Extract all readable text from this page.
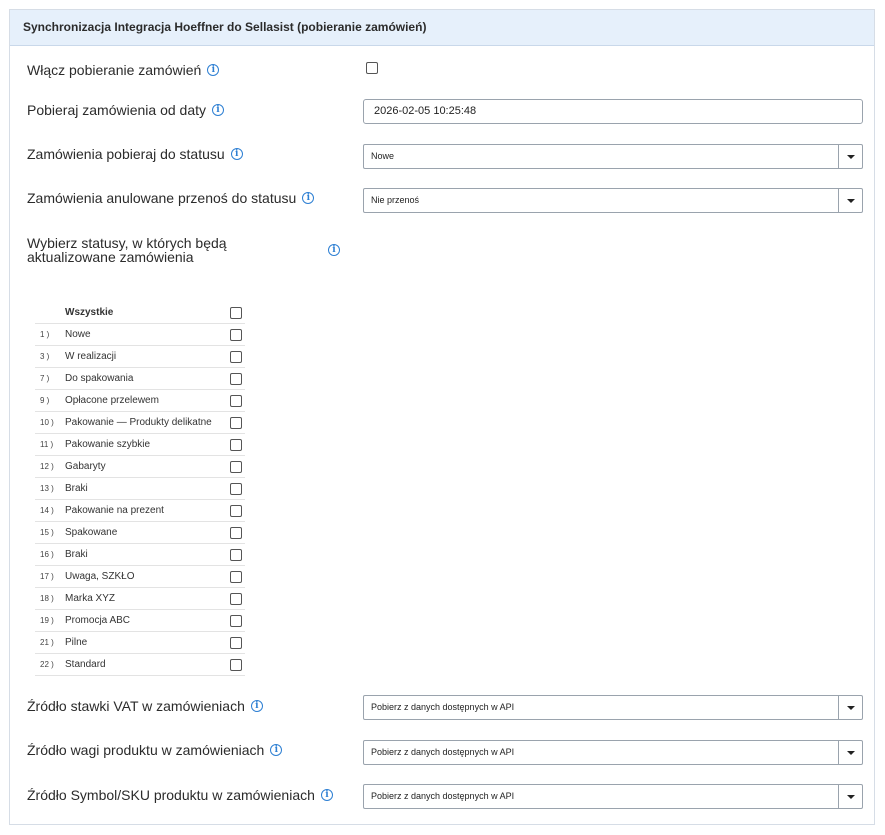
Synchronizacja Integracja Hoeffner do Sellasist (pobieranie zamówień)
Włącz pobieranie zamówień i
Pobieraj zamówienia od daty i	2026-02-05 10:25:48
Zamówienia pobieraj do statusu i	Nowe
Zamówienia anulowane przenoś do statusu i	Nie przenoś
Wybierz statusy, w których będą aktualizowane zamówienia	i
Wszystkie
1 ) Nowe
3 ) W realizacji
7 ) Do spakowania
9 ) Opłacone przelewem
10 ) Pakowanie — Produkty delikatne
11 ) Pakowanie szybkie
12 ) Gabaryty
13 ) Braki
14 ) Pakowanie na prezent
15 ) Spakowane
16 ) Braki
17 ) Uwaga, SZKŁO
18 ) Marka XYZ
19 ) Promocja ABC
21 ) Pilne
22 ) Standard
Źródło stawki VAT w zamówieniach i	Pobierz z danych dostępnych w API
Źródło wagi produktu w zamówieniach i	Pobierz z danych dostępnych w API
Źródło Symbol/SKU produktu w zamówieniach i	Pobierz z danych dostępnych w API
